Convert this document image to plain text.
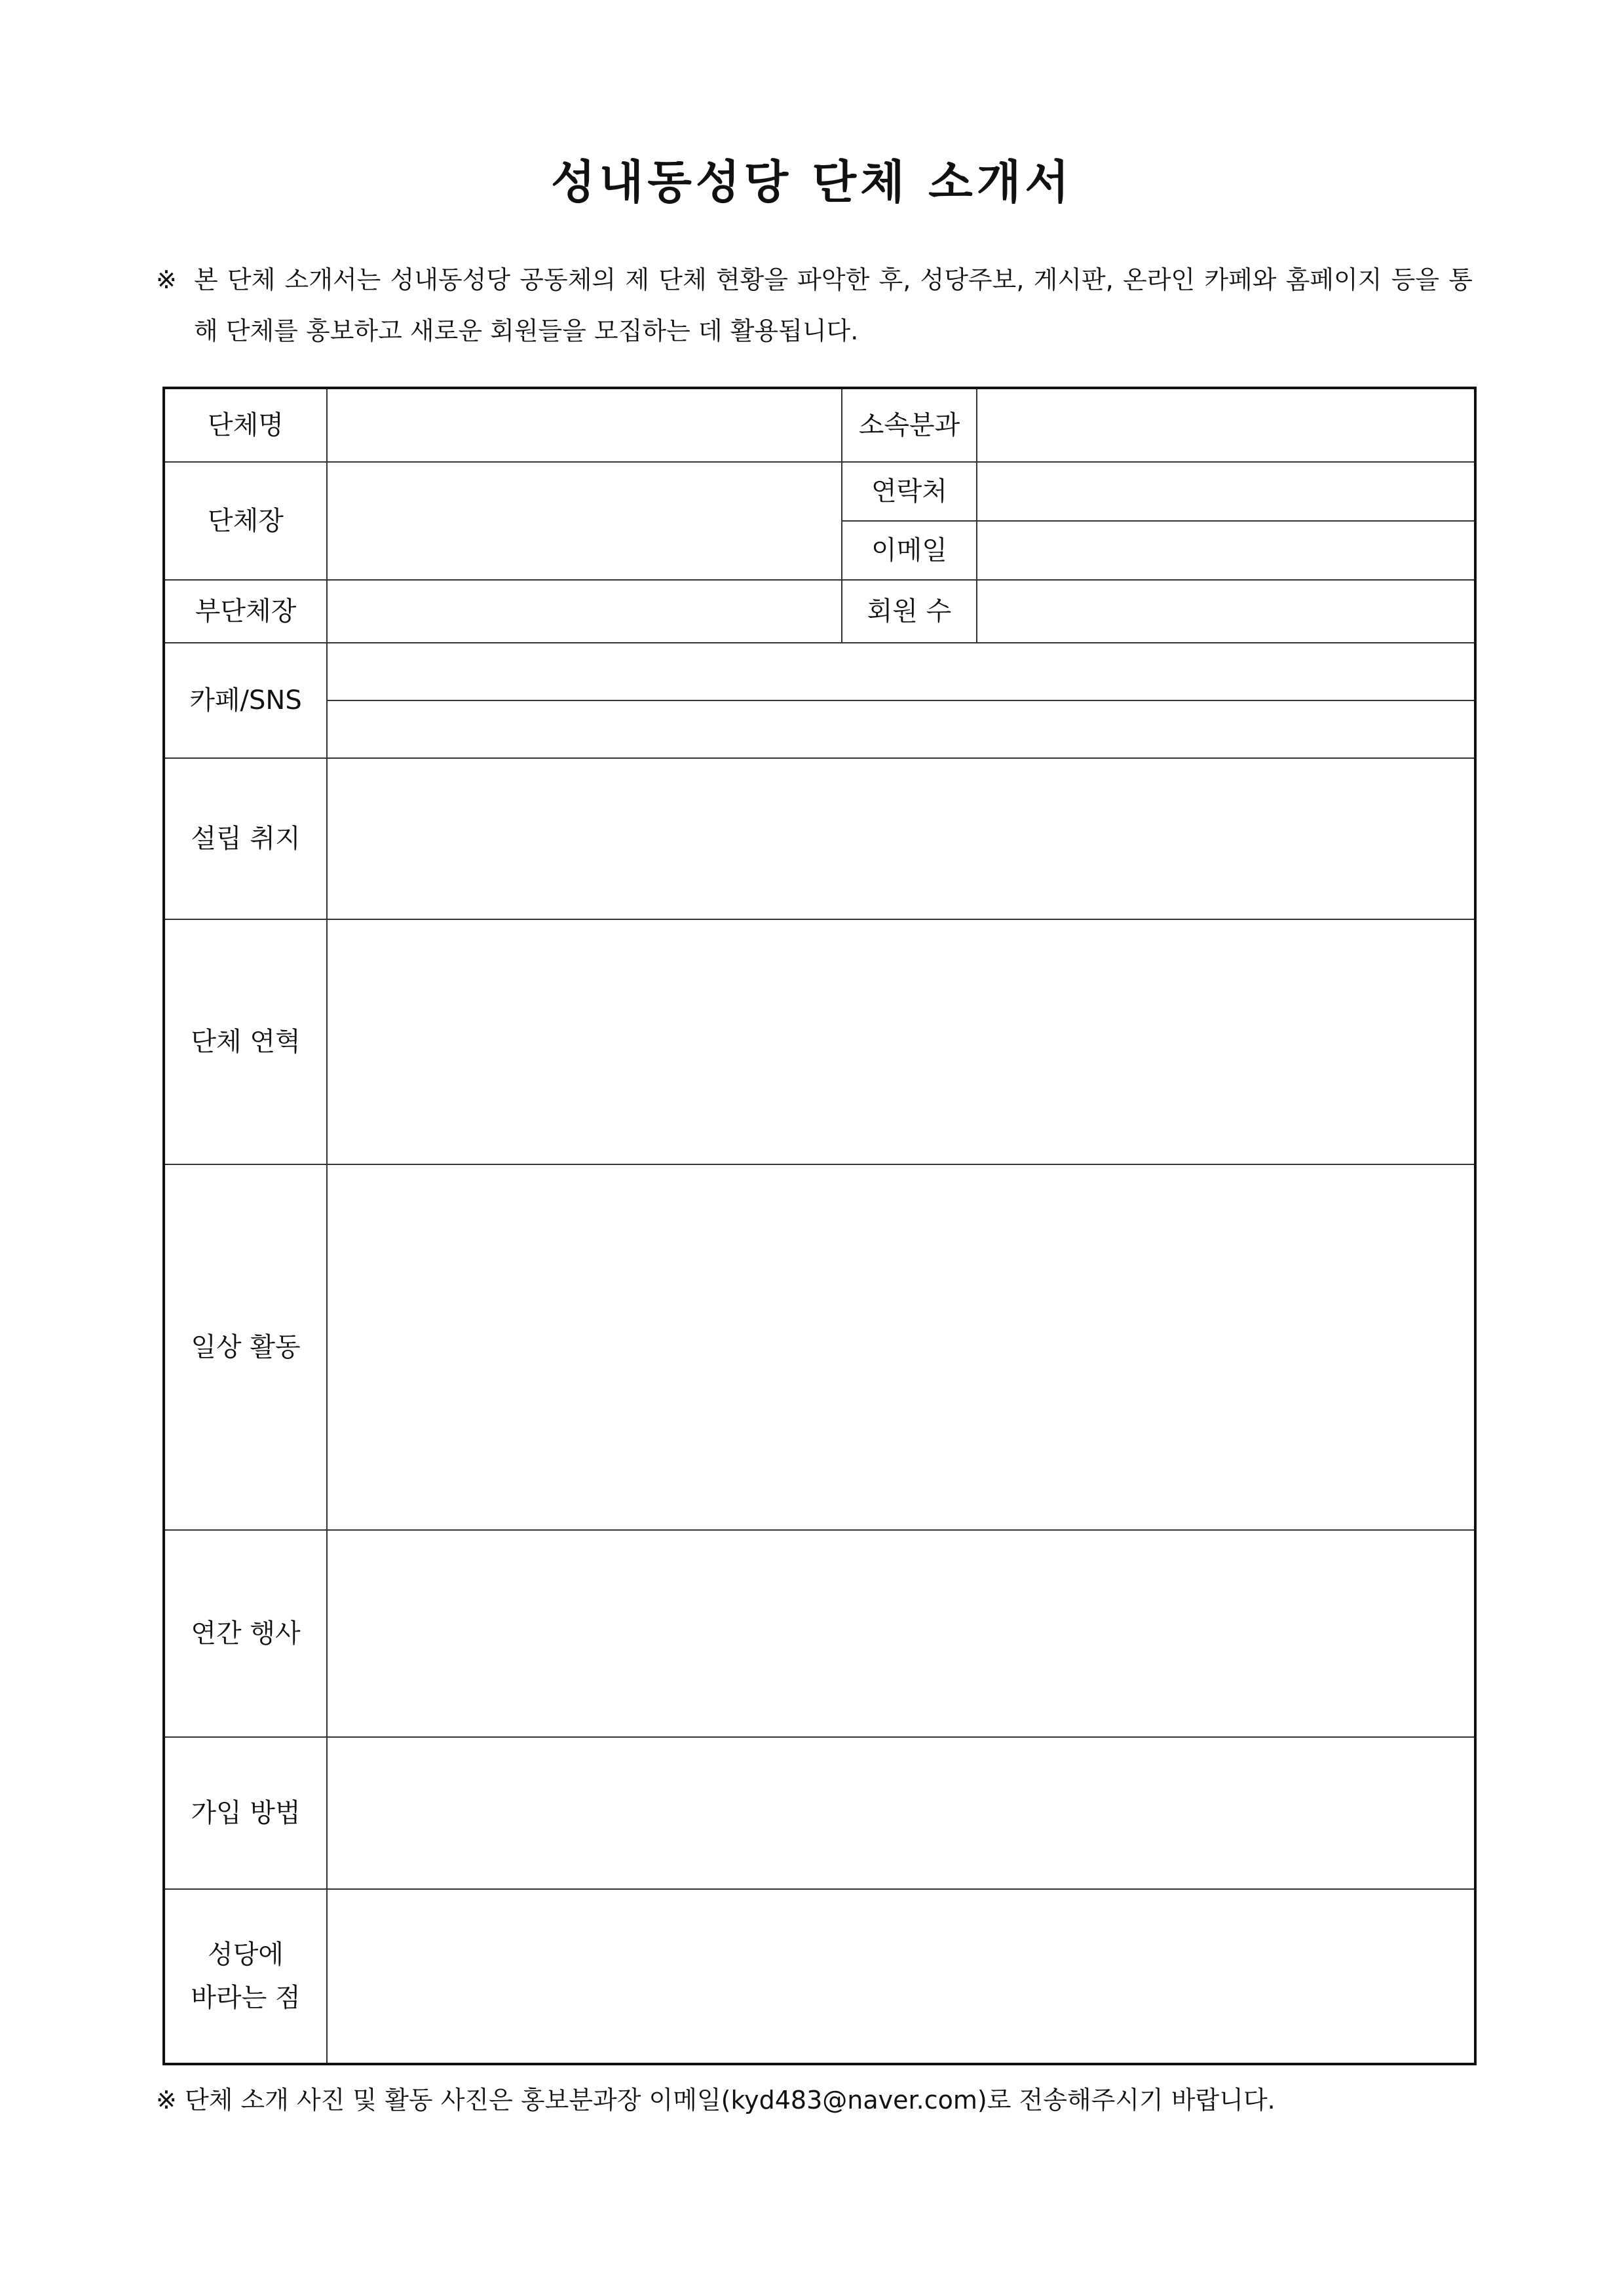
성내동성당 단체 소개서
※ 본 단체 소개서는 성내동성당 공동체의 제 단체 현황을 파악한 후, 성당주보, 게시판, 온라인 카페와 홈페이지 등을 통해 단체를 홍보하고 새로운 회원들을 모집하는 데 활용됩니다.
단체명	소속분과
단체장
연락처
이메일
부단체장	회원 수
카페/SNS
설립 취지
단체 연혁
일상 활동
연간 행사
가입 방법
성당에
바라는 점
※ 단체 소개 사진 및 활동 사진은 홍보분과장 이메일(kyd483@naver.com)로 전송해주시기 바랍니다.
